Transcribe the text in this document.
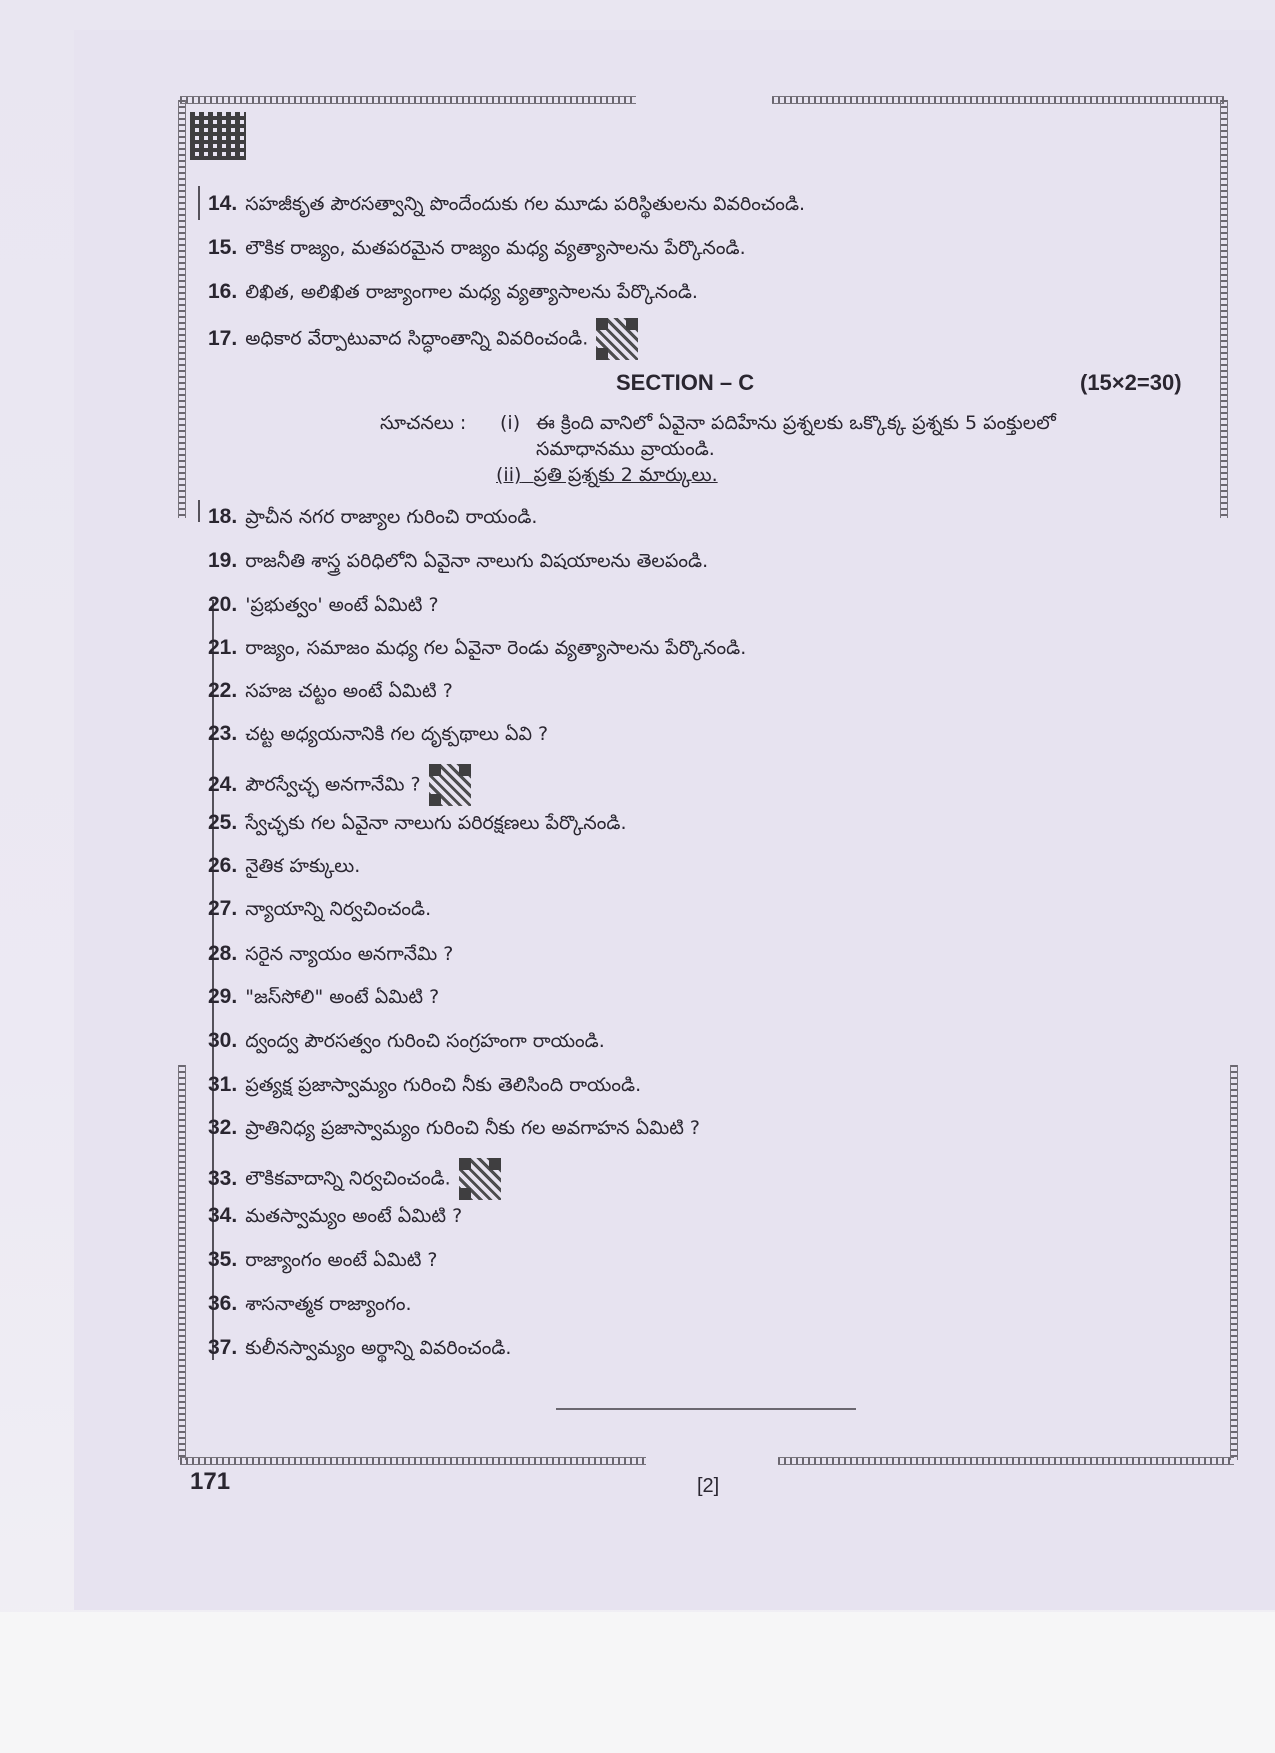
14. సహజీకృత పౌరసత్వాన్ని పొందేందుకు గల మూడు పరిస్థితులను వివరించండి.
15. లౌకిక రాజ్యం, మతపరమైన రాజ్యం మధ్య వ్యత్యాసాలను పేర్కొనండి.
16. లిఖిత, అలిఖిత రాజ్యాంగాల మధ్య వ్యత్యాసాలను పేర్కొనండి.
17. అధికార వేర్పాటువాద సిద్ధాంతాన్ని వివరించండి.
SECTION – C	(15×2=30)
సూచనలు : (i) ఈ క్రింది వానిలో ఏవైనా పదిహేను ప్రశ్నలకు ఒక్కొక్క ప్రశ్నకు 5 పంక్తులలో
సమాధానము వ్రాయండి.
(ii) ప్రతి ప్రశ్నకు 2 మార్కులు.
18. ప్రాచీన నగర రాజ్యాల గురించి రాయండి.
19. రాజనీతి శాస్త్ర పరిధిలోని ఏవైనా నాలుగు విషయాలను తెలపండి.
20. 'ప్రభుత్వం' అంటే ఏమిటి ?
21. రాజ్యం, సమాజం మధ్య గల ఏవైనా రెండు వ్యత్యాసాలను పేర్కొనండి.
22. సహజ చట్టం అంటే ఏమిటి ?
23. చట్ట అధ్యయనానికి గల దృక్పథాలు ఏవి ?
24. పౌరస్వేచ్ఛ అనగానేమి ?
25. స్వేచ్ఛకు గల ఏవైనా నాలుగు పరిరక్షణలు పేర్కొనండి.
26. నైతిక హక్కులు.
27. న్యాయాన్ని నిర్వచించండి.
28. సరైన న్యాయం అనగానేమి ?
29. "జస్‌సోలి" అంటే ఏమిటి ?
30. ద్వంద్వ పౌరసత్వం గురించి సంగ్రహంగా రాయండి.
31. ప్రత్యక్ష ప్రజాస్వామ్యం గురించి నీకు తెలిసింది రాయండి.
32. ప్రాతినిధ్య ప్రజాస్వామ్యం గురించి నీకు గల అవగాహన ఏమిటి ?
33. లౌకికవాదాన్ని నిర్వచించండి.
34. మతస్వామ్యం అంటే ఏమిటి ?
35. రాజ్యాంగం అంటే ఏమిటి ?
36. శాసనాత్మక రాజ్యాంగం.
37. కులీనస్వామ్యం అర్థాన్ని వివరించండి.
171	[2]
